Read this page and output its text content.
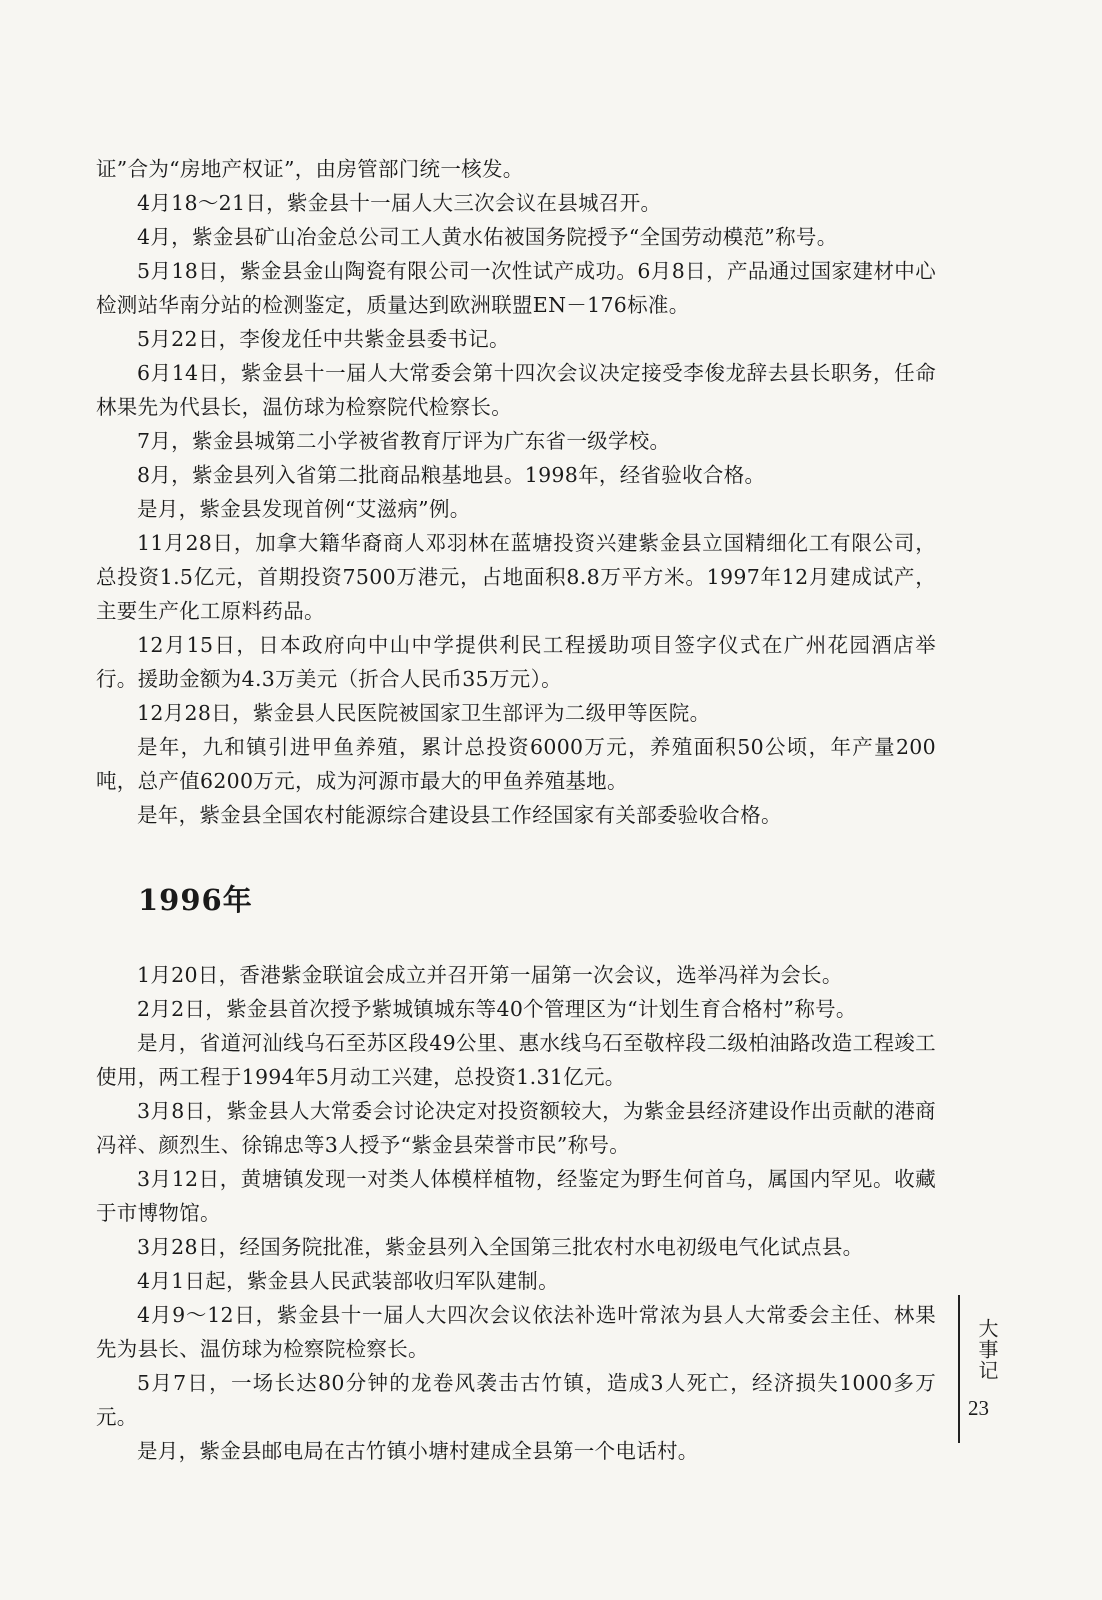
证”合为“房地产权证”，由房管部门统一核发。

4月18～21日，紫金县十一届人大三次会议在县城召开。

4月，紫金县矿山冶金总公司工人黄水佑被国务院授予“全国劳动模范”称号。

5月18日，紫金县金山陶瓷有限公司一次性试产成功。6月8日，产品通过国家建材中心检测站华南分站的检测鉴定，质量达到欧洲联盟EN－176标准。

5月22日，李俊龙任中共紫金县委书记。

6月14日，紫金县十一届人大常委会第十四次会议决定接受李俊龙辞去县长职务，任命林果先为代县长，温仿球为检察院代检察长。

7月，紫金县城第二小学被省教育厅评为广东省一级学校。

8月，紫金县列入省第二批商品粮基地县。1998年，经省验收合格。

是月，紫金县发现首例“艾滋病”例。

11月28日，加拿大籍华裔商人邓羽林在蓝塘投资兴建紫金县立国精细化工有限公司，总投资1.5亿元，首期投资7500万港元，占地面积8.8万平方米。1997年12月建成试产，主要生产化工原料药品。

12月15日，日本政府向中山中学提供利民工程援助项目签字仪式在广州花园酒店举行。援助金额为4.3万美元（折合人民币35万元）。

12月28日，紫金县人民医院被国家卫生部评为二级甲等医院。

是年，九和镇引进甲鱼养殖，累计总投资6000万元，养殖面积50公顷，年产量200吨，总产值6200万元，成为河源市最大的甲鱼养殖基地。

是年，紫金县全国农村能源综合建设县工作经国家有关部委验收合格。

1996年

1月20日，香港紫金联谊会成立并召开第一届第一次会议，选举冯祥为会长。

2月2日，紫金县首次授予紫城镇城东等40个管理区为“计划生育合格村”称号。

是月，省道河汕线乌石至苏区段49公里、惠水线乌石至敬梓段二级柏油路改造工程竣工使用，两工程于1994年5月动工兴建，总投资1.31亿元。

3月8日，紫金县人大常委会讨论决定对投资额较大，为紫金县经济建设作出贡献的港商冯祥、颜烈生、徐锦忠等3人授予“紫金县荣誉市民”称号。

3月12日，黄塘镇发现一对类人体模样植物，经鉴定为野生何首乌，属国内罕见。收藏于市博物馆。

3月28日，经国务院批准，紫金县列入全国第三批农村水电初级电气化试点县。

4月1日起，紫金县人民武装部收归军队建制。

4月9～12日，紫金县十一届人大四次会议依法补选叶常浓为县人大常委会主任、林果先为县长、温仿球为检察院检察长。

5月7日，一场长达80分钟的龙卷风袭击古竹镇，造成3人死亡，经济损失1000多万元。

是月，紫金县邮电局在古竹镇小塘村建成全县第一个电话村。

大事记
23
